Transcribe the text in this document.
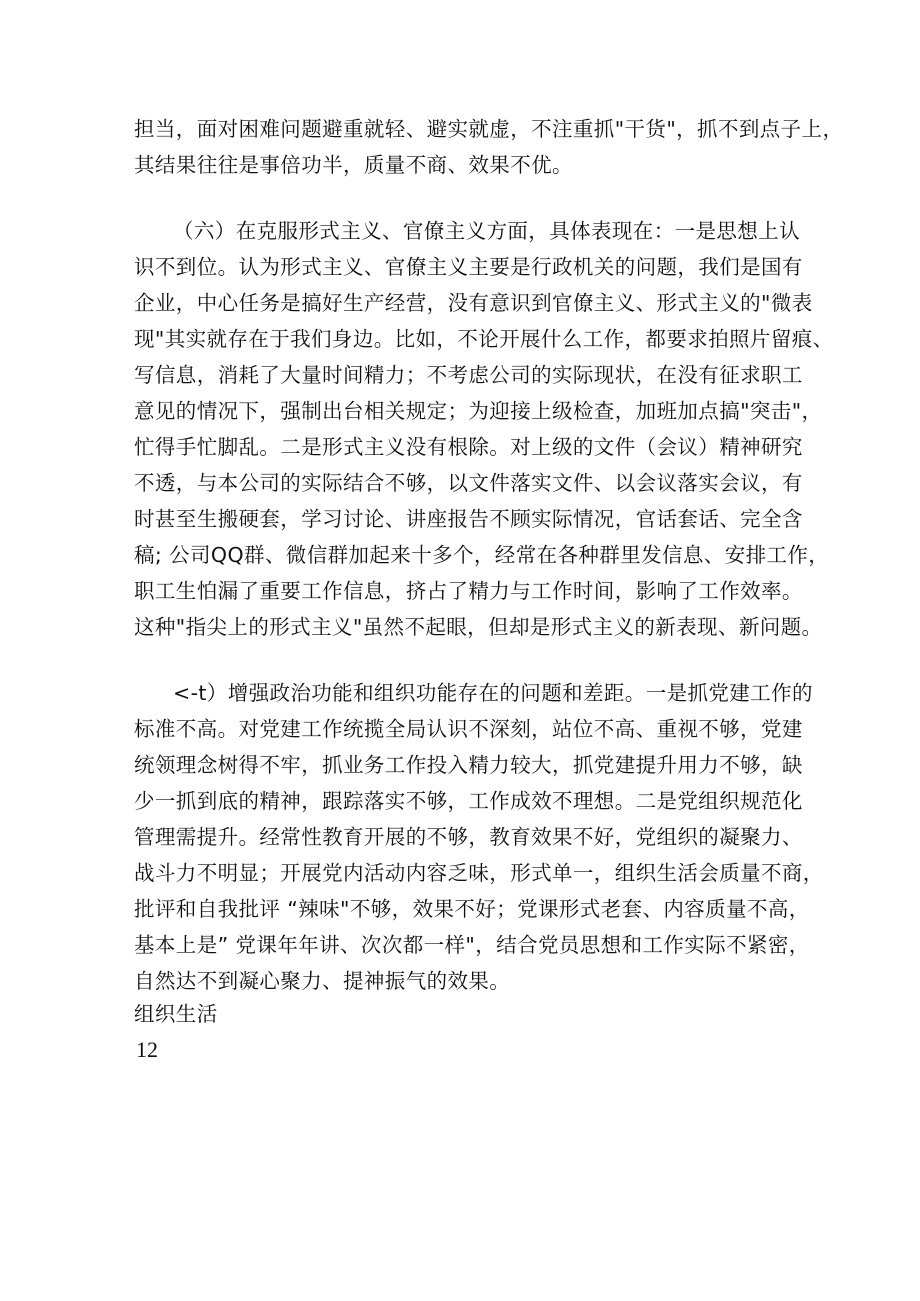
担当，面对困难问题避重就轻、避实就虚，不注重抓"干货"，抓不到点子上，
其结果往往是事倍功半，质量不商、效果不优。
（六）在克服形式主义、官僚主义方面，具体表现在：一是思想上认
识不到位。认为形式主义、官僚主义主要是行政机关的问题，我们是国有
企业，中心任务是搞好生产经营，没有意识到官僚主义、形式主义的"微表
现"其实就存在于我们身边。比如，不论开展什么工作，都要求拍照片留痕、
写信息，消耗了大量时间精力；不考虑公司的实际现状，在没有征求职工
意见的情况下，强制出台相关规定；为迎接上级检查，加班加点搞"突击"，
忙得手忙脚乱。二是形式主义没有根除。对上级的文件（会议）精神研究
不透，与本公司的实际结合不够，以文件落实文件、以会议落实会议，有
时甚至生搬硬套，学习讨论、讲座报告不顾实际情况，官话套话、完全含
稿; 公司QQ群、微信群加起来十多个，经常在各种群里发信息、安排工作，
职工生怕漏了重要工作信息，挤占了精力与工作时间，影响了工作效率。
这种"指尖上的形式主义"虽然不起眼，但却是形式主义的新表现、新问题。
<-t）增强政治功能和组织功能存在的问题和差距。一是抓党建工作的
标准不高。对党建工作统揽全局认识不深刻，站位不高、重视不够，党建
统领理念树得不牢，抓业务工作投入精力较大，抓党建提升用力不够，缺
少一抓到底的精神，跟踪落实不够，工作成效不理想。二是党组织规范化
管理需提升。经常性教育开展的不够，教育效果不好，党组织的凝聚力、
战斗力不明显；开展党内活动内容乏味，形式单一，组织生活会质量不商，
批评和自我批评 “辣味"不够，效果不好；党课形式老套、内容质量不高，
基本上是” 党课年年讲、次次都一样"，结合党员思想和工作实际不紧密，
自然达不到凝心聚力、提神振气的效果。
组织生活
12
